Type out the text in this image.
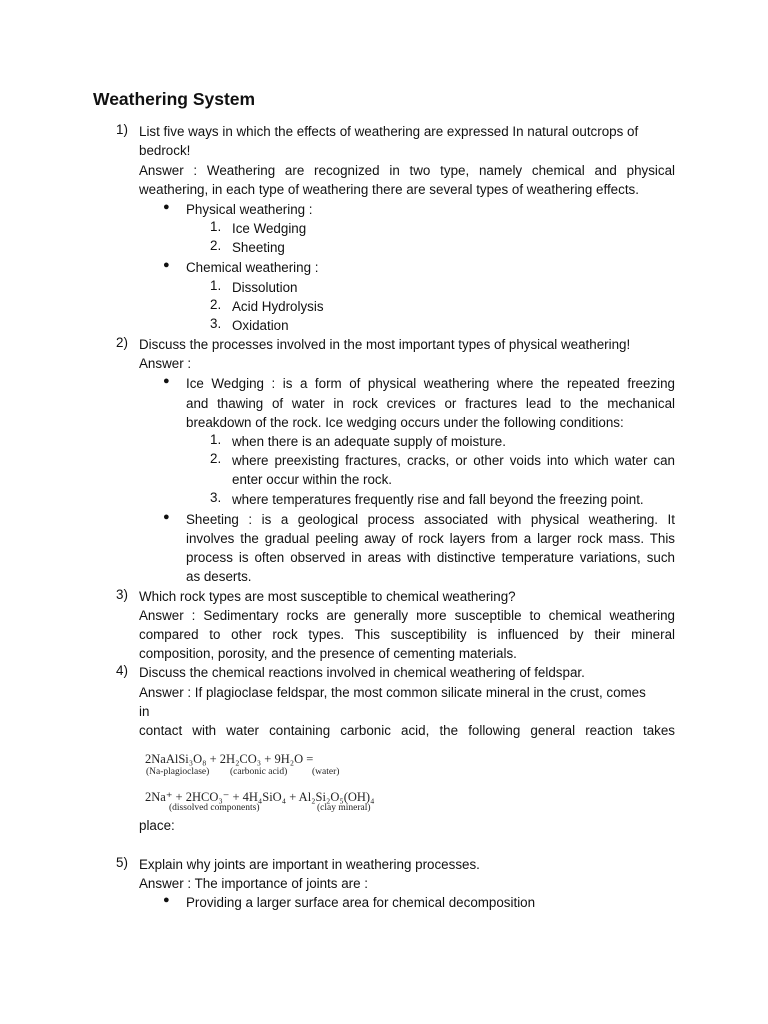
Weathering System
1) List five ways in which the effects of weathering are expressed In natural outcrops of
bedrock!
Answer : Weathering are recognized in two type, namely chemical and physical
weathering, in each type of weathering there are several types of weathering effects.
● Physical weathering :
1. Ice Wedging
2. Sheeting
● Chemical weathering :
1. Dissolution
2. Acid Hydrolysis
3. Oxidation
2) Discuss the processes involved in the most important types of physical weathering!
Answer :
● Ice Wedging : is a form of physical weathering where the repeated freezing
and thawing of water in rock crevices or fractures lead to the mechanical
breakdown of the rock. Ice wedging occurs under the following conditions:
1. when there is an adequate supply of moisture.
2. where preexisting fractures, cracks, or other voids into which water can
enter occur within the rock.
3. where temperatures frequently rise and fall beyond the freezing point.
● Sheeting : is a geological process associated with physical weathering. It
involves the gradual peeling away of rock layers from a larger rock mass. This
process is often observed in areas with distinctive temperature variations, such
as deserts.
3) Which rock types are most susceptible to chemical weathering?
Answer : Sedimentary rocks are generally more susceptible to chemical weathering
compared to other rock types. This susceptibility is influenced by their mineral
composition, porosity, and the presence of cementing materials.
4) Discuss the chemical reactions involved in chemical weathering of feldspar.
Answer : If plagioclase feldspar, the most common silicate mineral in the crust, comes
in
contact with water containing carbonic acid, the following general reaction takes
2NaAlSi₃O₈ + 2H₂CO₃ + 9H₂O =
(Na-plagioclase) (carbonic acid)	(water)
2Na⁺ + 2HCO₃⁻ + 4H₄SiO₄ + Al₂Si₂O₅(OH)₄
(dissolved components)	(clay mineral)
place:
5) Explain why joints are important in weathering processes.
Answer : The importance of joints are :
● Providing a larger surface area for chemical decomposition
